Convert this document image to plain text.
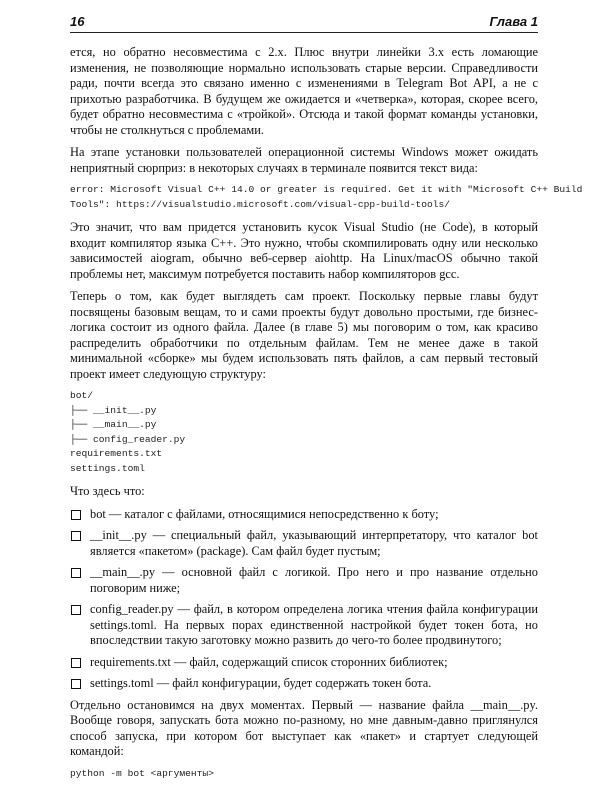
16	Глава 1

ется, но обратно несовместима с 2.x. Плюс внутри линейки 3.x есть ломающие изменения, не позволяющие нормально использовать старые версии. Справедливости ради, почти всегда это связано именно с изменениями в Telegram Bot API, а не с прихотью разработчика. В будущем же ожидается и «четверка», которая, скорее всего, будет обратно несовместима с «тройкой». Отсюда и такой формат команды установки, чтобы не столкнуться с проблемами.

На этапе установки пользователей операционной системы Windows может ожидать неприятный сюрприз: в некоторых случаях в терминале появится текст вида:

error: Microsoft Visual C++ 14.0 or greater is required. Get it with "Microsoft C++ Build
Tools": https://visualstudio.microsoft.com/visual-cpp-build-tools/

Это значит, что вам придется установить кусок Visual Studio (не Code), в который входит компилятор языка С++. Это нужно, чтобы скомпилировать одну или несколько зависимостей aiogram, обычно веб-сервер aiohttp. На Linux/macOS обычно такой проблемы нет, максимум потребуется поставить набор компиляторов gcc.

Теперь о том, как будет выглядеть сам проект. Поскольку первые главы будут посвящены базовым вещам, то и сами проекты будут довольно простыми, где бизнес-логика состоит из одного файла. Далее (в главе 5) мы поговорим о том, как красиво распределить обработчики по отдельным файлам. Тем не менее даже в такой минимальной «сборке» мы будем использовать пять файлов, а сам первый тестовый проект имеет следующую структуру:

bot/
├── __init__.py
├── __main__.py
├── config_reader.py
requirements.txt
settings.toml

Что здесь что:

bot — каталог с файлами, относящимися непосредственно к боту;
__init__.py — специальный файл, указывающий интерпретатору, что каталог bot является «пакетом» (package). Сам файл будет пустым;
__main__.py — основной файл с логикой. Про него и про название отдельно поговорим ниже;
config_reader.py — файл, в котором определена логика чтения файла конфигурации settings.toml. На первых порах единственной настройкой будет токен бота, но впоследствии такую заготовку можно развить до чего-то более продвинутого;
requirements.txt — файл, содержащий список сторонних библиотек;
settings.toml — файл конфигурации, будет содержать токен бота.

Отдельно остановимся на двух моментах. Первый — название файла __main__.py. Вообще говоря, запускать бота можно по-разному, но мне давным-давно приглянулся способ запуска, при котором бот выступает как «пакет» и стартует следующей командой:

python -m bot <аргументы>
